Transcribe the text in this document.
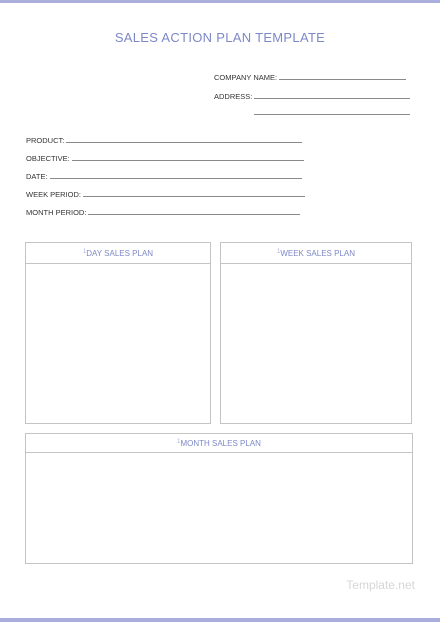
SALES ACTION PLAN TEMPLATE
COMPANY NAME:
ADDRESS:
PRODUCT:
OBJECTIVE:
DATE:
WEEK PERIOD:
MONTH PERIOD:
1 DAY SALES PLAN	1 WEEK SALES PLAN
1 MONTH SALES PLAN
Template.net
